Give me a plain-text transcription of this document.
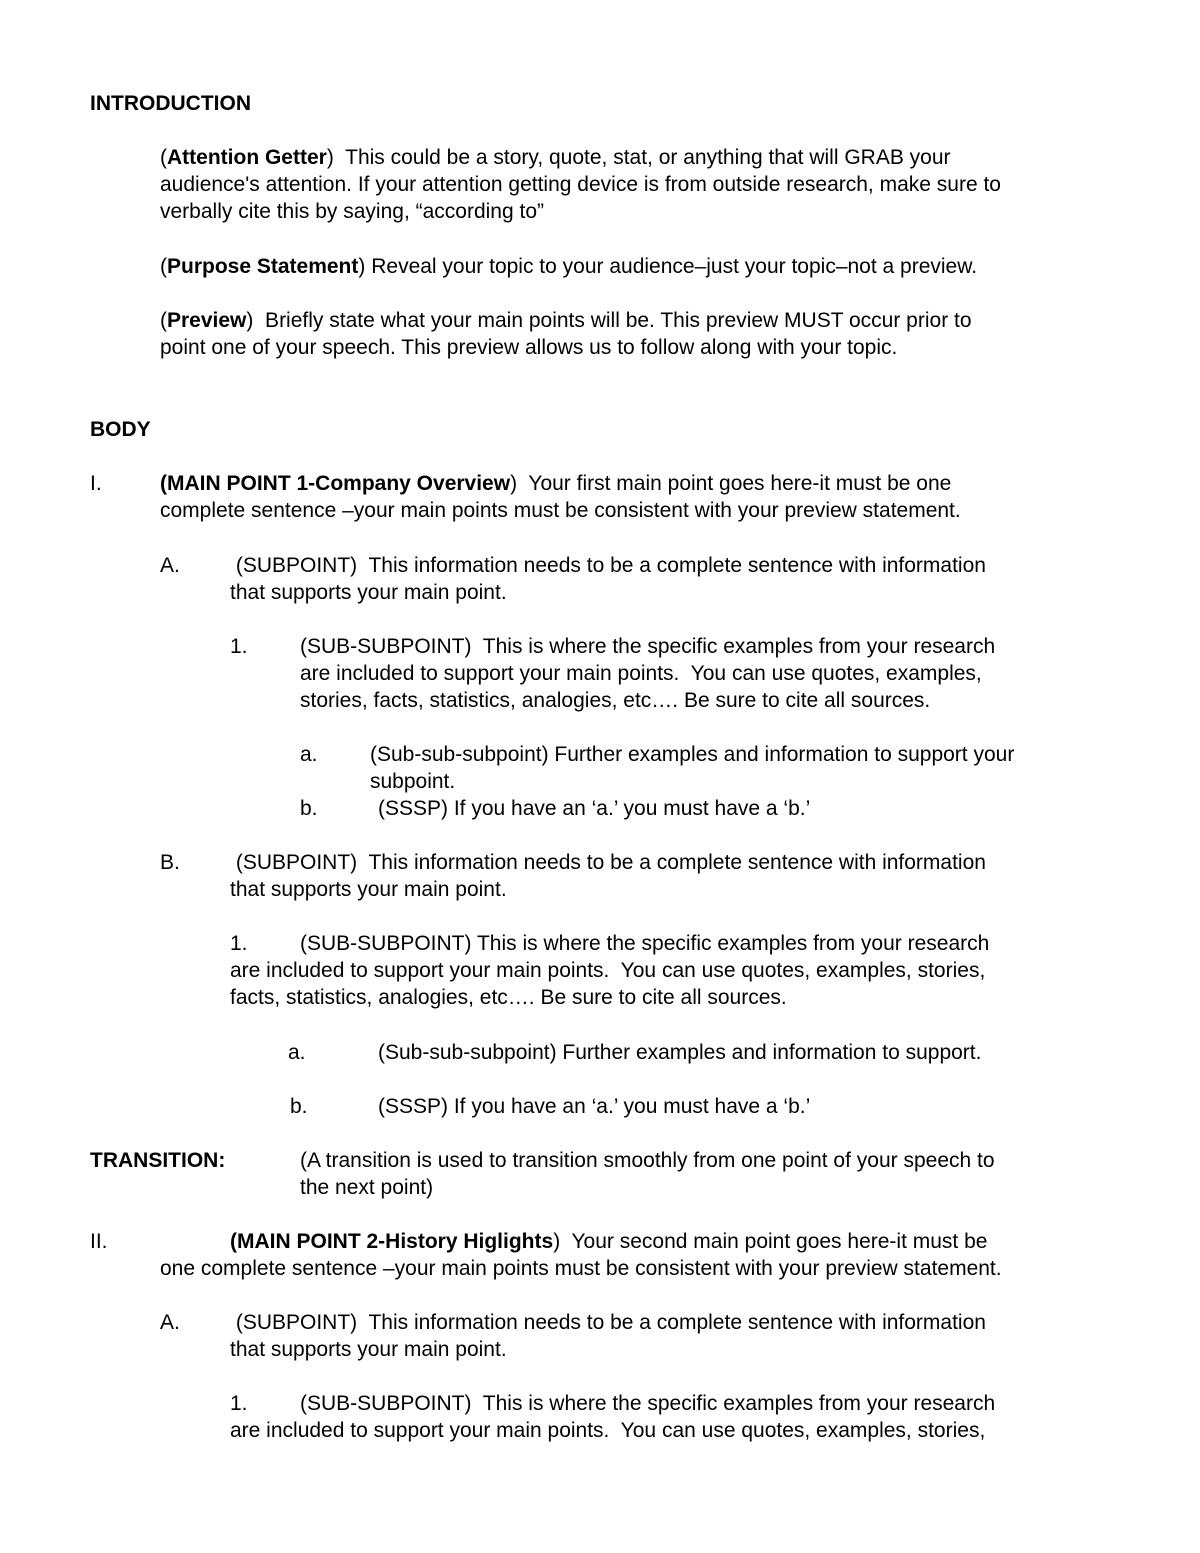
INTRODUCTION

(Attention Getter)  This could be a story, quote, stat, or anything that will GRAB your
audience's attention. If your attention getting device is from outside research, make sure to
verbally cite this by saying, “according to”

(Purpose Statement) Reveal your topic to your audience–just your topic–not a preview.

(Preview)  Briefly state what your main points will be. This preview MUST occur prior to
point one of your speech. This preview allows us to follow along with your topic.

BODY

I.	(MAIN POINT 1-Company Overview)  Your first main point goes here-it must be one
complete sentence –your main points must be consistent with your preview statement.

A. (SUBPOINT)  This information needs to be a complete sentence with information
that supports your main point.

1. (SUB-SUBPOINT)  This is where the specific examples from your research
are included to support your main points.  You can use quotes, examples,
stories, facts, statistics, analogies, etc…. Be sure to cite all sources.

a. (Sub-sub-subpoint) Further examples and information to support your
subpoint.

b.	(SSSP) If you have an ‘a.’ you must have a ‘b.’

B. (SUBPOINT)  This information needs to be a complete sentence with information
that supports your main point.

1. (SUB-SUBPOINT) This is where the specific examples from your research

are included to support your main points.  You can use quotes, examples, stories,
facts, statistics, analogies, etc…. Be sure to cite all sources.

a.	(Sub-sub-subpoint) Further examples and information to support.

b.	(SSSP) If you have an ‘a.’ you must have a ‘b.’

TRANSITION:	(A transition is used to transition smoothly from one point of your speech to
the next point)

II.	(MAIN POINT 2-History Higlights)  Your second main point goes here-it must be

one complete sentence –your main points must be consistent with your preview statement.

A. (SUBPOINT)  This information needs to be a complete sentence with information
that supports your main point.

1. (SUB-SUBPOINT)  This is where the specific examples from your research

are included to support your main points.  You can use quotes, examples, stories,
